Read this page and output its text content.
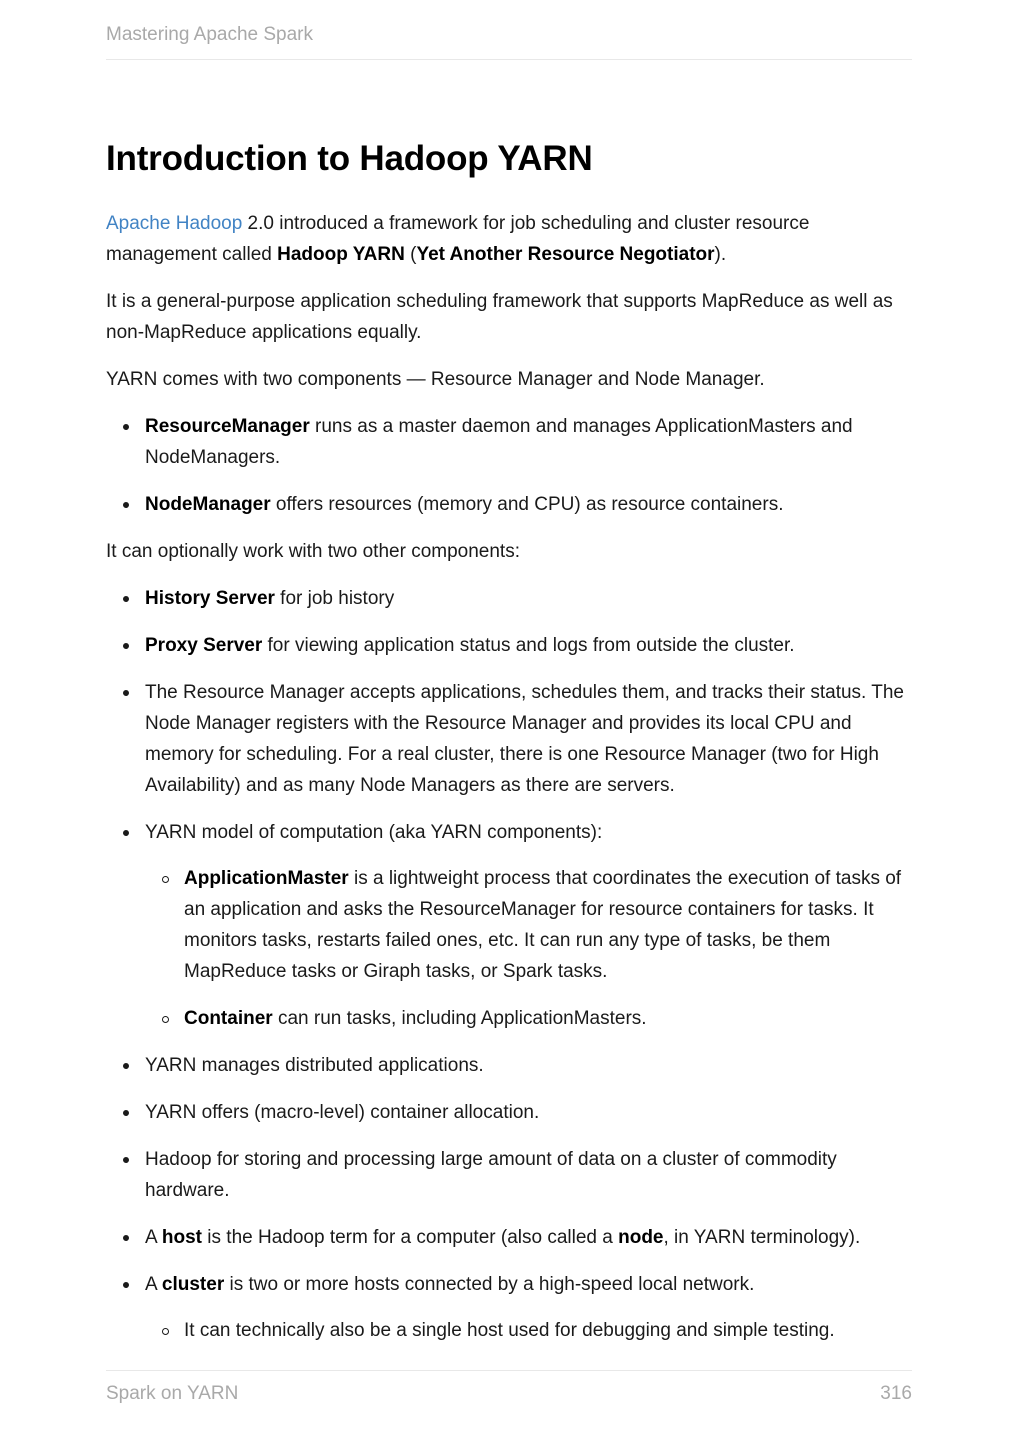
Mastering Apache Spark
Introduction to Hadoop YARN

Apache Hadoop 2.0 introduced a framework for job scheduling and cluster resource management called Hadoop YARN (Yet Another Resource Negotiator).

It is a general-purpose application scheduling framework that supports MapReduce as well as non-MapReduce applications equally.

YARN comes with two components — Resource Manager and Node Manager.

ResourceManager runs as a master daemon and manages ApplicationMasters and NodeManagers.
NodeManager offers resources (memory and CPU) as resource containers.

It can optionally work with two other components:

History Server for job history
Proxy Server for viewing application status and logs from outside the cluster.
The Resource Manager accepts applications, schedules them, and tracks their status. The Node Manager registers with the Resource Manager and provides its local CPU and memory for scheduling. For a real cluster, there is one Resource Manager (two for High Availability) and as many Node Managers as there are servers.
YARN model of computation (aka YARN components):
ApplicationMaster is a lightweight process that coordinates the execution of tasks of an application and asks the ResourceManager for resource containers for tasks. It monitors tasks, restarts failed ones, etc. It can run any type of tasks, be them MapReduce tasks or Giraph tasks, or Spark tasks.
Container can run tasks, including ApplicationMasters.
YARN manages distributed applications.
YARN offers (macro-level) container allocation.
Hadoop for storing and processing large amount of data on a cluster of commodity hardware.
A host is the Hadoop term for a computer (also called a node, in YARN terminology).
A cluster is two or more hosts connected by a high-speed local network.
It can technically also be a single host used for debugging and simple testing.
Spark on YARN	316
